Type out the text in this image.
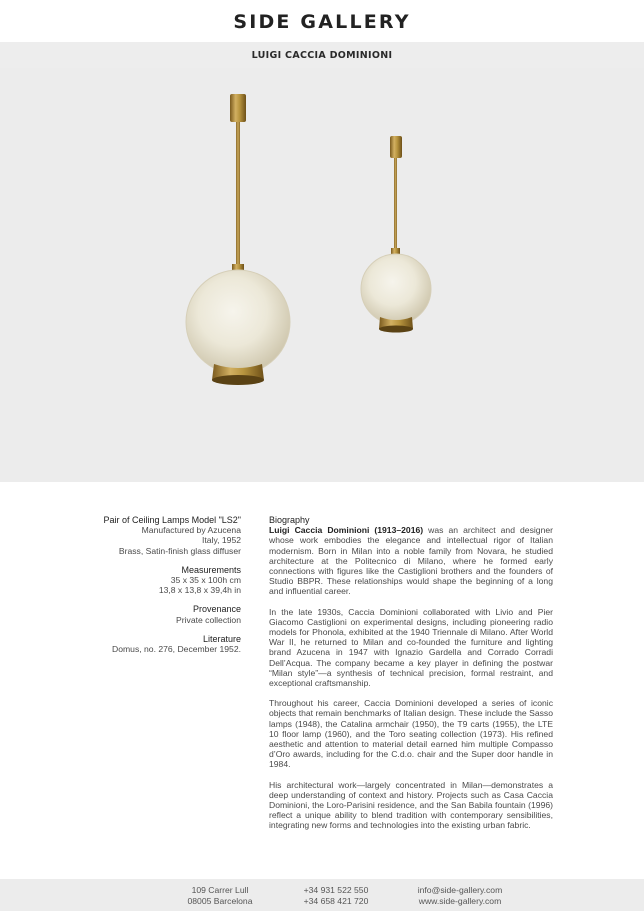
SIDE GALLERY
LUIGI CACCIA DOMINIONI
Pair of Ceiling Lamps Model "LS2"
Manufactured by Azucena
Italy, 1952
Brass, Satin-finish glass diffuser
Measurements
35 x 35 x 100h cm
13,8 x 13,8 x 39,4h in
Provenance
Private collection
Literature
Domus, no. 276, December 1952.
Biography

Luigi Caccia Dominioni (1913–2016) was an architect and designer whose work embodies the elegance and intellectual rigor of Italian modernism. Born in Milan into a noble family from Novara, he studied architecture at the Politecnico di Milano, where he formed early connections with figures like the Castiglioni brothers and the founders of Studio BBPR. These relationships would shape the beginning of a long and influential career.

In the late 1930s, Caccia Dominioni collaborated with Livio and Pier Giacomo Castiglioni on experimental designs, including pioneering radio models for Phonola, exhibited at the 1940 Triennale di Milano. After World War II, he returned to Milan and co-founded the furniture and lighting brand Azucena in 1947 with Ignazio Gardella and Corrado Corradi Dell’Acqua. The company became a key player in defining the postwar “Milan style”—a synthesis of technical precision, formal restraint, and exceptional craftsmanship.

Throughout his career, Caccia Dominioni developed a series of iconic objects that remain benchmarks of Italian design. These include the Sasso lamps (1948), the Catalina armchair (1950), the T9 carts (1955), the LTE 10 floor lamp (1960), and the Toro seating collection (1973). His refined aesthetic and attention to material detail earned him multiple Compasso d’Oro awards, including for the C.d.o. chair and the Super door handle in 1984.

His architectural work—largely concentrated in Milan—demonstrates a deep understanding of context and history. Projects such as Casa Caccia Dominioni, the Loro-Parisini residence, and the San Babila fountain (1996) reflect a unique ability to blend tradition with contemporary sensibilities, integrating new forms and technologies into the existing urban fabric.

109 Carrer Lull
08005 Barcelona
+34 931 522 550
+34 658 421 720
info@side-gallery.com
www.side-gallery.com
